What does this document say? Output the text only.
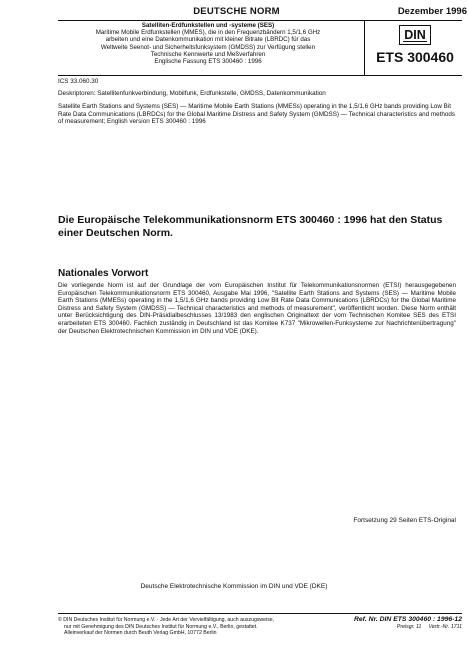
DEUTSCHE NORM	Dezember 1996
Satelliten-Erdfunkstellen und -systeme (SES)
Maritime Mobile Erdfunkstellen (MMES), die in den Frequenzbändern 1,5/1,6 GHz
arbeiten und eine Datenkommunikation mit kleiner Bitrate (LBRDC) für das
Weltweite Seenot- und Sicherheitsfunksystem (GMDSS) zur Verfügung stellen
Technische Kennwerte und Meßverfahren
Englische Fassung ETS 300460 : 1996
DIN
ETS 300460
ICS 33.060.30
Deskriptoren: Satellitenfunkverbindung, Mobilfunk, Erdfunkstelle, GMDSS, Datenkommunikation
Satellite Earth Stations and Systems (SES) — Maritime Mobile Earth Stations (MMESs) operating in the 1,5/1,6 GHz bands providing Low Bit Rate Data Communications (LBRDCs) for the Global Maritime Distress and Safety System (GMDSS) — Technical characteristics and methods of measurement; English version ETS 300460 : 1996
Die Europäische Telekommunikationsnorm ETS 300460 : 1996 hat den Status einer Deutschen Norm.
Nationales Vorwort
Die vorliegende Norm ist auf der Grundlage der vom Europäischen Institut für Telekommunikationsnormen (ETSI) herausgegebenen Europäischen Telekommunikationsnorm ETS 300460, Ausgabe Mai 1996, "Satellite Earth Stations and Systems (SES) — Maritime Mobile Earth Stations (MMESs) operating in the 1,5/1,6 GHz bands providing Low Bit Rate Data Communications (LBRDCs) for the Global Maritime Distress and Safety System (GMDSS) — Technical characteristics and methods of measurement", veröffentlicht worden. Diese Norm enthält unter Berücksichtigung des DIN-Präsidialbeschlusses 13/1983 den englischen Originaltext der vom Technischen Komitee SES des ETSI erarbeiteten ETS 300460. Fachlich zuständig in Deutschland ist das Komitee K737 "Mikrowellen-Funksysteme zur Nachrichtenübertragung" der Deutschen Elektrotechnischen Kommission im DIN und VDE (DKE).
Fortsetzung 29 Seiten ETS-Original
Deutsche Elektrotechnische Kommission im DIN und VDE (DKE)
© DIN Deutsches Institut für Normung e.V. · Jede Art der Vervielfältigung, auch auszugsweise,
nur mit Genehmigung des DIN Deutsches Institut für Normung e.V., Berlin, gestattet.
Alleinverkauf der Normen durch Beuth Verlag GmbH, 10772 Berlin
Ref. Nr. DIN ETS 300460 : 1996-12
Preisgr. 11 Vertr.-Nr. 1711
